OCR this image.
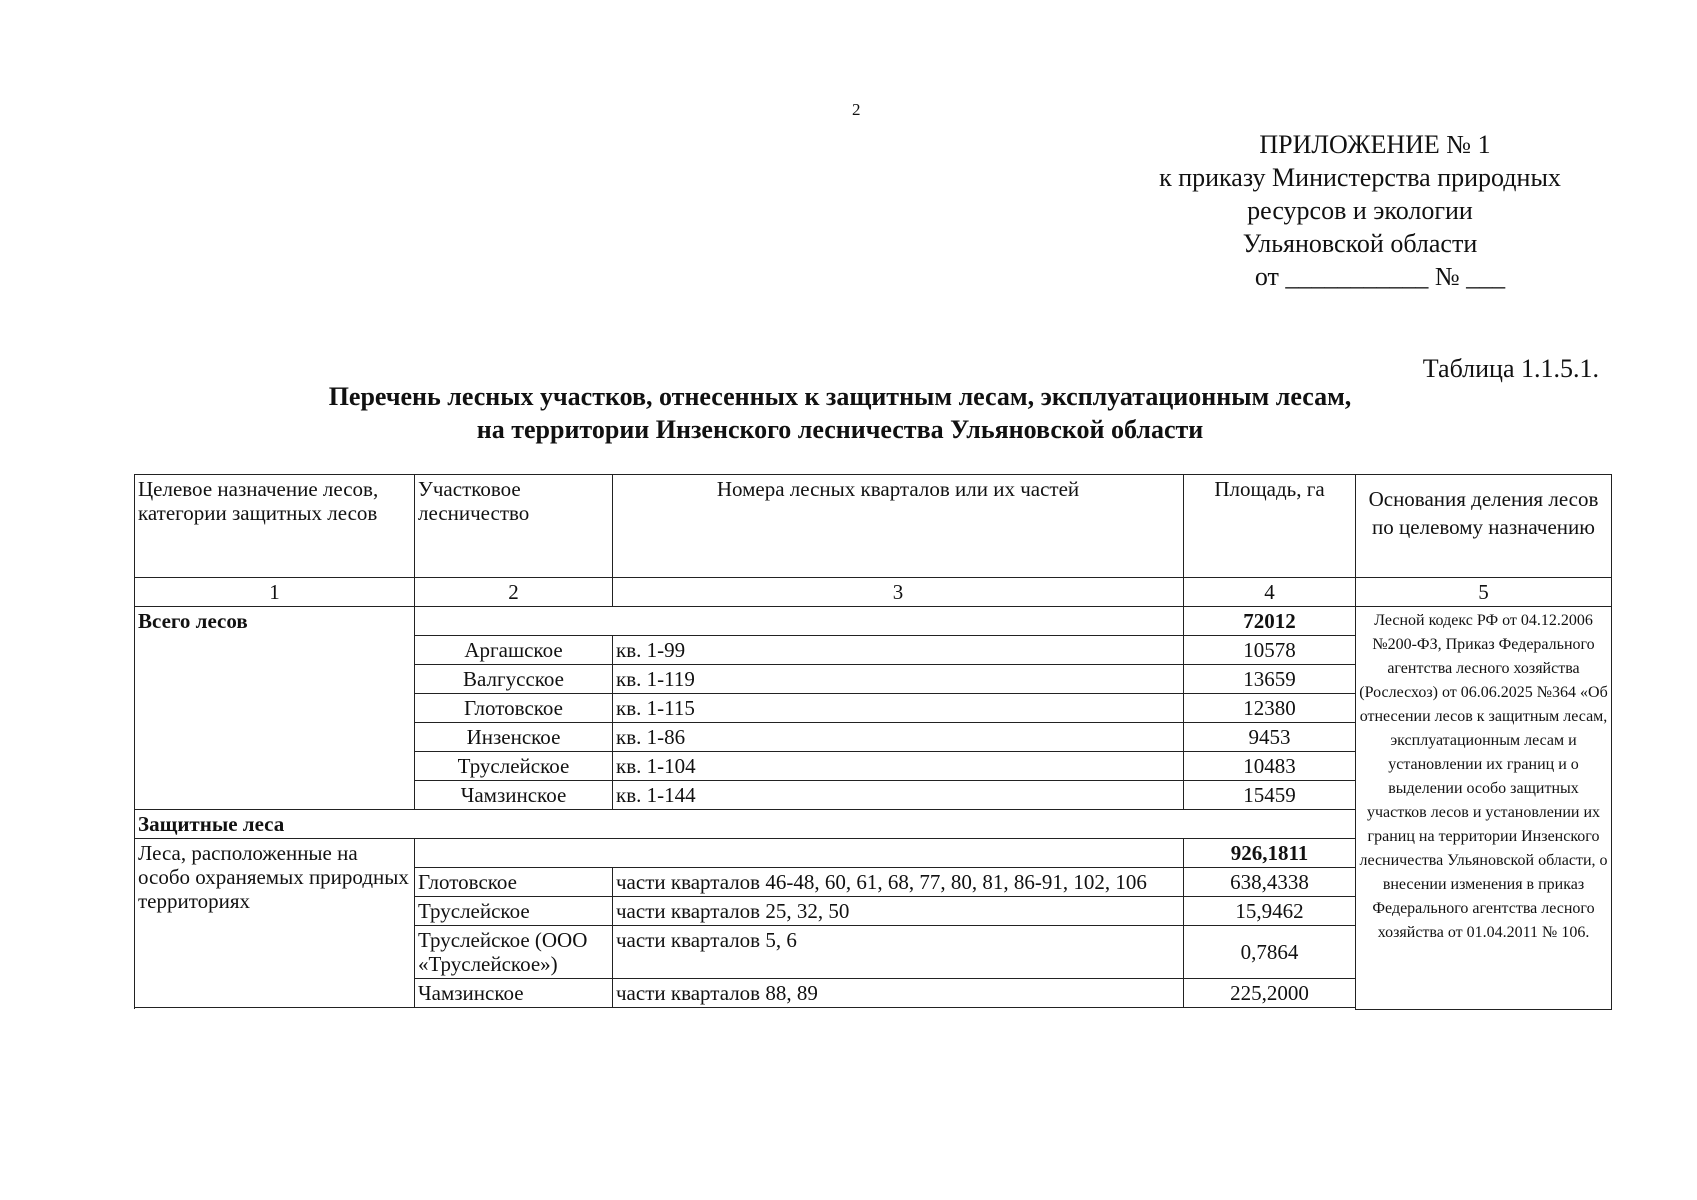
2
ПРИЛОЖЕНИЕ № 1
к приказу Министерства природных
ресурсов и экологии
Ульяновской области
от ___________ № ___
Таблица 1.1.5.1.
Перечень лесных участков, отнесенных к защитным лесам, эксплуатационным лесам,
на территории Инзенского лесничества Ульяновской области
Целевое назначение лесов, категории защитных лесов	Участковое лесничество	Номера лесных кварталов или их частей	Площадь, га	Основания деления лесов по целевому назначению
1	2	3	4	5
Всего лесов			72012	Лесной кодекс РФ от 04.12.2006 №200-ФЗ, Приказ Федерального агентства лесного хозяйства (Рослесхоз) от 06.06.2025 №364 «Об отнесении лесов к защитным лесам, эксплуатационным лесам и установлении их границ и о выделении особо защитных участков лесов и установлении их границ на территории Инзенского лесничества Ульяновской области, о внесении изменения в приказ Федерального агентства лесного хозяйства от 01.04.2011 № 106.
	Аргашское	кв. 1-99	10578	
	Валгусское	кв. 1-119	13659	
	Глотовское	кв. 1-115	12380	
	Инзенское	кв. 1-86	9453	
	Труслейское	кв. 1-104	10483	
	Чамзинское	кв. 1-144	15459	
Защитные леса				
Леса, расположенные на особо охраняемых природных территориях			926,1811	
	Глотовское	части кварталов 46-48, 60, 61, 68, 77, 80, 81, 86-91, 102, 106	638,4338	
	Труслейское	части кварталов 25, 32, 50	15,9462	
	Труслейское (ООО «Труслейское»)	части кварталов 5, 6	0,7864	
	Чамзинское	части кварталов 88, 89	225,2000	
